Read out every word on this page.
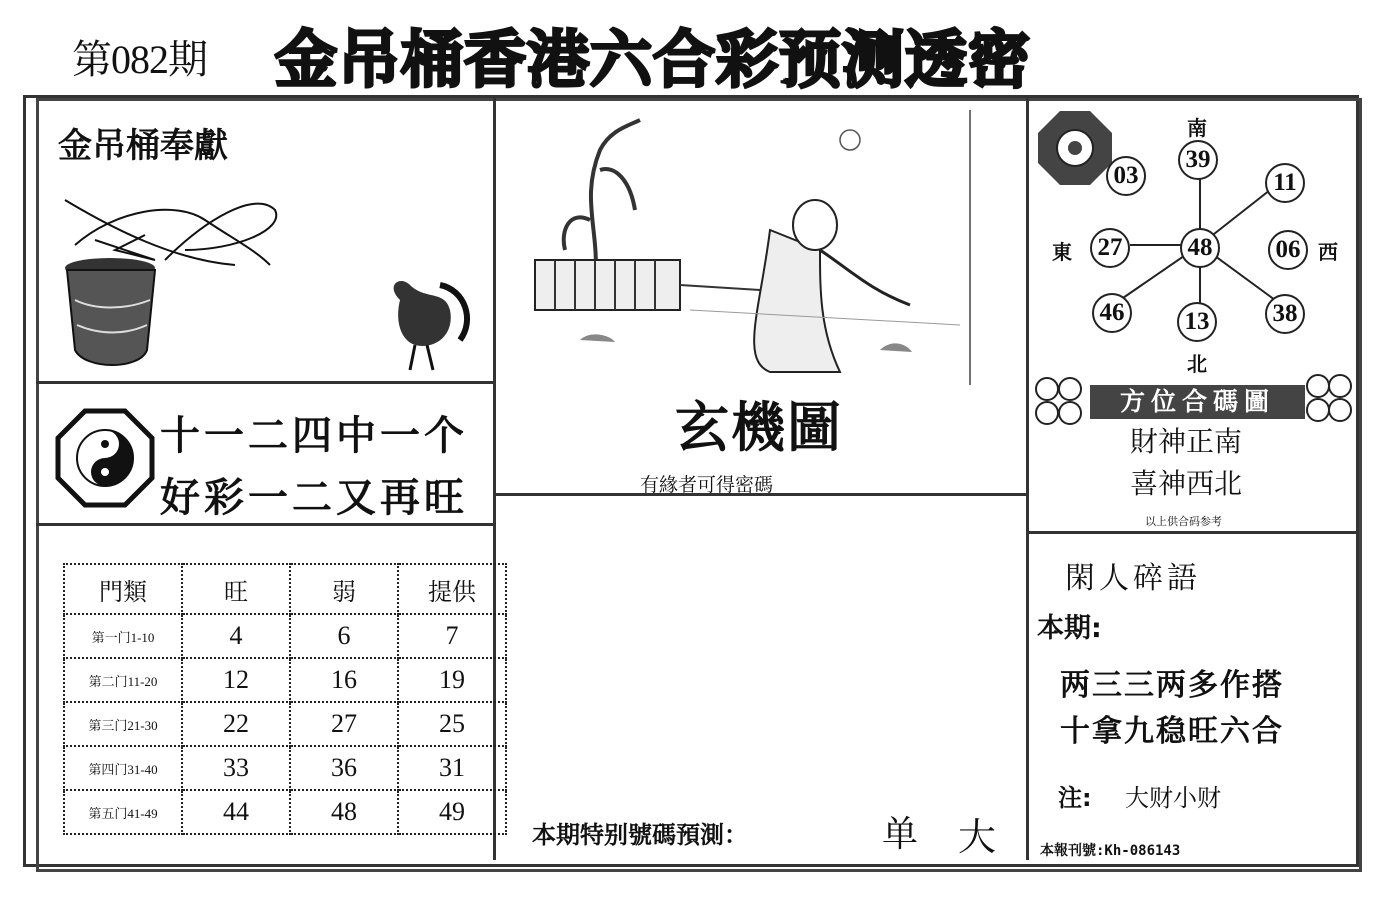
第082期 金吊桶香港六合彩预测透密
金吊桶奉獻
十一二四中一个
好彩一二又再旺
門類	旺	弱	提供
第一门1-10	4	6	7
第二门11-20	12	16	19
第三门21-30	22	27	25
第四门31-40	33	36	31
第五门41-49	44	48	49
玄機圖
有緣者可得密碼
本期特别號碼預測：	单 大
南
北
東	西
03
39
11
27	48	06
46	13	38
方位合碼圖
財神正南
喜神西北
以上供合码参考
閑人碎語
本期:
两三三两多作搭
十拿九稳旺六合
注: 大财小财
本報刊號:Kh-086143
